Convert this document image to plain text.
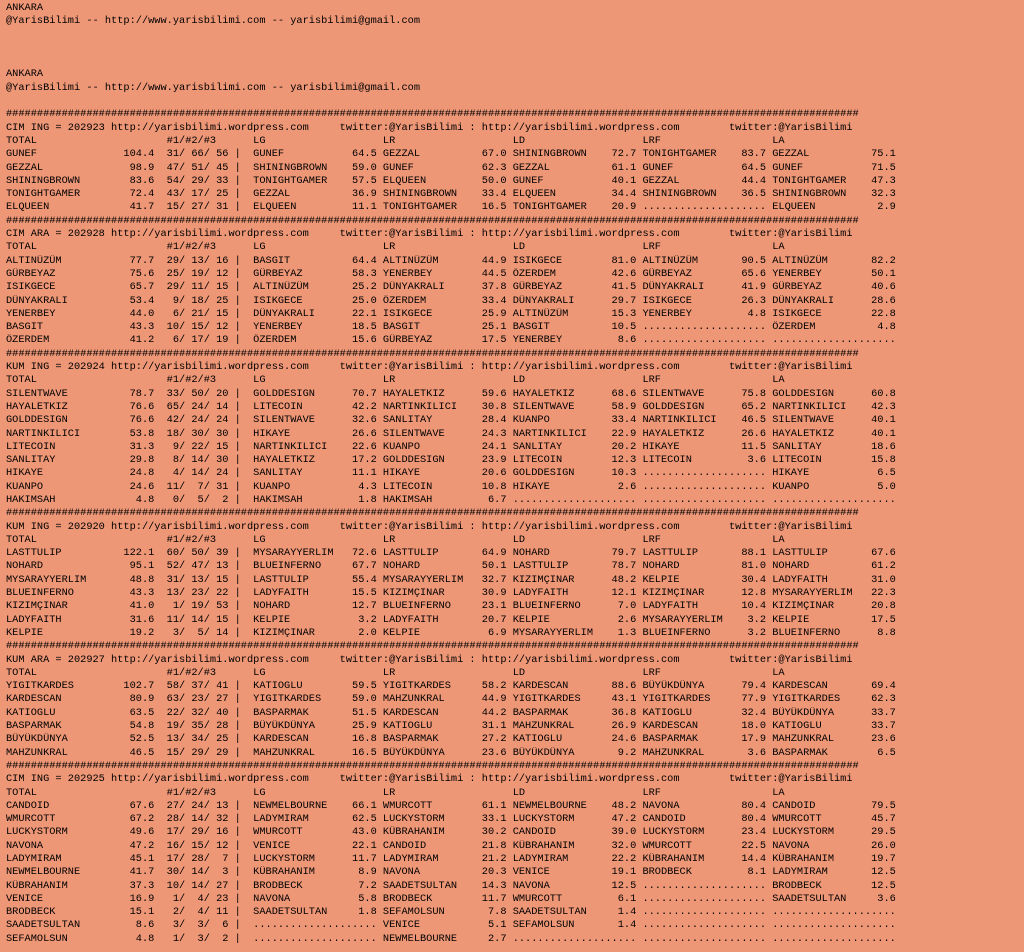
ANKARA
@YarisBilimi -- http://www.yarisbilimi.com -- yarisbilimi@gmail.com
ANKARA
@YarisBilimi -- http://www.yarisbilimi.com -- yarisbilimi@gmail.com
##########################################################################################################################################
CIM ING = 202923 http://yarisbilimi.wordpress.com     twitter:@YarisBilimi : http://yarisbilimi.wordpress.com        twitter:@YarisBilimi
TOTAL                     #1/#2/#3      LG                   LR                   LD                   LRF                  LA
GUNEF              104.4  31/ 66/ 56 |  GUNEF           64.5 GEZZAL          67.0 SHININGBROWN    72.7 TONIGHTGAMER    83.7 GEZZAL          75.1
GEZZAL              98.9  47/ 51/ 45 |  SHININGBROWN    59.0 GUNEF           62.3 GEZZAL          61.1 GUNEF           64.5 GUNEF           71.5
SHININGBROWN        83.6  54/ 29/ 33 |  TONIGHTGAMER    57.5 ELQUEEN         50.0 GUNEF           40.1 GEZZAL          44.4 TONIGHTGAMER    47.3
TONIGHTGAMER        72.4  43/ 17/ 25 |  GEZZAL          36.9 SHININGBROWN    33.4 ELQUEEN         34.4 SHININGBROWN    36.5 SHININGBROWN    32.3
ELQUEEN             41.7  15/ 27/ 31 |  ELQUEEN         11.1 TONIGHTGAMER    16.5 TONIGHTGAMER    20.9 .................... ELQUEEN          2.9
##########################################################################################################################################
CIM ARA = 202928 http://yarisbilimi.wordpress.com     twitter:@YarisBilimi : http://yarisbilimi.wordpress.com        twitter:@YarisBilimi
TOTAL                     #1/#2/#3      LG                   LR                   LD                   LRF                  LA
ALTINÜZÜM           77.7  29/ 13/ 16 |  BASGIT          64.4 ALTINÜZÜM       44.9 ISIKGECE        81.0 ALTINÜZÜM       90.5 ALTINÜZÜM       82.2
GÜRBEYAZ            75.6  25/ 19/ 12 |  GÜRBEYAZ        58.3 YENERBEY        44.5 ÖZERDEM         42.6 GÜRBEYAZ        65.6 YENERBEY        50.1
ISIKGECE            65.7  29/ 11/ 15 |  ALTINÜZÜM       25.2 DÜNYAKRALI      37.8 GÜRBEYAZ        41.5 DÜNYAKRALI      41.9 GÜRBEYAZ        40.6
DÜNYAKRALI          53.4   9/ 18/ 25 |  ISIKGECE        25.0 ÖZERDEM         33.4 DÜNYAKRALI      29.7 ISIKGECE        26.3 DÜNYAKRALI      28.6
YENERBEY            44.0   6/ 21/ 15 |  DÜNYAKRALI      22.1 ISIKGECE        25.9 ALTINÜZÜM       15.3 YENERBEY         4.8 ISIKGECE        22.8
BASGIT              43.3  10/ 15/ 12 |  YENERBEY        18.5 BASGIT          25.1 BASGIT          10.5 .................... ÖZERDEM          4.8
ÖZERDEM             41.2   6/ 17/ 19 |  ÖZERDEM         15.6 GÜRBEYAZ        17.5 YENERBEY         8.6 .................... ....................
##########################################################################################################################################
KUM ING = 202924 http://yarisbilimi.wordpress.com     twitter:@YarisBilimi : http://yarisbilimi.wordpress.com        twitter:@YarisBilimi
TOTAL                     #1/#2/#3      LG                   LR                   LD                   LRF                  LA
SILENTWAVE          78.7  33/ 50/ 20 |  GOLDDESIGN      70.7 HAYALETKIZ      59.6 HAYALETKIZ      68.6 SILENTWAVE      75.8 GOLDDESIGN      60.8
HAYALETKIZ          76.6  65/ 24/ 14 |  LITECOIN        42.2 NARTINKILICI    30.8 SILENTWAVE      58.9 GOLDDESIGN      65.2 NARTINKILICI    42.3
GOLDDESIGN          76.6  42/ 24/ 24 |  SILENTWAVE      32.6 SANLITAY        28.4 KUANPO          33.4 NARTINKILICI    46.5 SILENTWAVE      40.1
NARTINKILICI        53.8  18/ 30/ 30 |  HIKAYE          26.6 SILENTWAVE      24.3 NARTINKILICI    22.9 HAYALETKIZ      26.6 HAYALETKIZ      40.1
LITECOIN            31.3   9/ 22/ 15 |  NARTINKILICI    22.6 KUANPO          24.1 SANLITAY        20.2 HIKAYE          11.5 SANLITAY        18.6
SANLITAY            29.8   8/ 14/ 30 |  HAYALETKIZ      17.2 GOLDDESIGN      23.9 LITECOIN        12.3 LITECOIN         3.6 LITECOIN        15.8
HIKAYE              24.8   4/ 14/ 24 |  SANLITAY        11.1 HIKAYE          20.6 GOLDDESIGN      10.3 .................... HIKAYE           6.5
KUANPO              24.6  11/  7/ 31 |  KUANPO           4.3 LITECOIN        10.8 HIKAYE           2.6 .................... KUANPO           5.0
HAKIMSAH             4.8   0/  5/  2 |  HAKIMSAH         1.8 HAKIMSAH         6.7 .................... .................... ....................
##########################################################################################################################################
KUM ING = 202920 http://yarisbilimi.wordpress.com     twitter:@YarisBilimi : http://yarisbilimi.wordpress.com        twitter:@YarisBilimi
TOTAL                     #1/#2/#3      LG                   LR                   LD                   LRF                  LA
LASTTULIP          122.1  60/ 50/ 39 |  MYSARAYYERLIM   72.6 LASTTULIP       64.9 NOHARD          79.7 LASTTULIP       88.1 LASTTULIP       67.6
NOHARD              95.1  52/ 47/ 13 |  BLUEINFERNO     67.7 NOHARD          50.1 LASTTULIP       78.7 NOHARD          81.0 NOHARD          61.2
MYSARAYYERLIM       48.8  31/ 13/ 15 |  LASTTULIP       55.4 MYSARAYYERLIM   32.7 KIZIMÇINAR      48.2 KELPIE          30.4 LADYFAITH       31.0
BLUEINFERNO         43.3  13/ 23/ 22 |  LADYFAITH       15.5 KIZIMÇINAR      30.9 LADYFAITH       12.1 KIZIMÇINAR      12.8 MYSARAYYERLIM   22.3
KIZIMÇINAR          41.0   1/ 19/ 53 |  NOHARD          12.7 BLUEINFERNO     23.1 BLUEINFERNO      7.0 LADYFAITH       10.4 KIZIMÇINAR      20.8
LADYFAITH           31.6  11/ 14/ 15 |  KELPIE           3.2 LADYFAITH       20.7 KELPIE           2.6 MYSARAYYERLIM    3.2 KELPIE          17.5
KELPIE              19.2   3/  5/ 14 |  KIZIMÇINAR       2.0 KELPIE           6.9 MYSARAYYERLIM    1.3 BLUEINFERNO      3.2 BLUEINFERNO      8.8
##########################################################################################################################################
KUM ARA = 202927 http://yarisbilimi.wordpress.com     twitter:@YarisBilimi : http://yarisbilimi.wordpress.com        twitter:@YarisBilimi
TOTAL                     #1/#2/#3      LG                   LR                   LD                   LRF                  LA
YIGITKARDES        102.7  58/ 37/ 41 |  KATIOGLU        59.5 YIGITKARDES     58.2 KARDESCAN       88.6 BÜYÜKDÜNYA      79.4 KARDESCAN       69.4
KARDESCAN           80.9  63/ 23/ 27 |  YIGITKARDES     59.0 MAHZUNKRAL      44.9 YIGITKARDES     43.1 YIGITKARDES     77.9 YIGITKARDES     62.3
KATIOGLU            63.5  22/ 32/ 40 |  BASPARMAK       51.5 KARDESCAN       44.2 BASPARMAK       36.8 KATIOGLU        32.4 BÜYÜKDÜNYA      33.7
BASPARMAK           54.8  19/ 35/ 28 |  BÜYÜKDÜNYA      25.9 KATIOGLU        31.1 MAHZUNKRAL      26.9 KARDESCAN       18.0 KATIOGLU        33.7
BÜYÜKDÜNYA          52.5  13/ 34/ 25 |  KARDESCAN       16.8 BASPARMAK       27.2 KATIOGLU        24.6 BASPARMAK       17.9 MAHZUNKRAL      23.6
MAHZUNKRAL          46.5  15/ 29/ 29 |  MAHZUNKRAL      16.5 BÜYÜKDÜNYA      23.6 BÜYÜKDÜNYA       9.2 MAHZUNKRAL       3.6 BASPARMAK        6.5
##########################################################################################################################################
CIM ING = 202925 http://yarisbilimi.wordpress.com     twitter:@YarisBilimi : http://yarisbilimi.wordpress.com        twitter:@YarisBilimi
TOTAL                     #1/#2/#3      LG                   LR                   LD                   LRF                  LA
CANDOID             67.6  27/ 24/ 13 |  NEWMELBOURNE    66.1 WMURCOTT        61.1 NEWMELBOURNE    48.2 NAVONA          80.4 CANDOID         79.5
WMURCOTT            67.2  28/ 14/ 32 |  LADYMIRAM       62.5 LUCKYSTORM      33.1 LUCKYSTORM      47.2 CANDOID         80.4 WMURCOTT        45.7
LUCKYSTORM          49.6  17/ 29/ 16 |  WMURCOTT        43.0 KÜBRAHANIM      30.2 CANDOID         39.0 LUCKYSTORM      23.4 LUCKYSTORM      29.5
NAVONA              47.2  16/ 15/ 12 |  VENICE          22.1 CANDOID         21.8 KÜBRAHANIM      32.0 WMURCOTT        22.5 NAVONA          26.0
LADYMIRAM           45.1  17/ 28/  7 |  LUCKYSTORM      11.7 LADYMIRAM       21.2 LADYMIRAM       22.2 KÜBRAHANIM      14.4 KÜBRAHANIM      19.7
NEWMELBOURNE        41.7  30/ 14/  3 |  KÜBRAHANIM       8.9 NAVONA          20.3 VENICE          19.1 BRODBECK         8.1 LADYMIRAM       12.5
KÜBRAHANIM          37.3  10/ 14/ 27 |  BRODBECK         7.2 SAADETSULTAN    14.3 NAVONA          12.5 .................... BRODBECK        12.5
VENICE              16.9   1/  4/ 23 |  NAVONA           5.8 BRODBECK        11.7 WMURCOTT         6.1 .................... SAADETSULTAN     3.6
BRODBECK            15.1   2/  4/ 11 |  SAADETSULTAN     1.8 SEFAMOLSUN       7.8 SAADETSULTAN     1.4 .................... ....................
SAADETSULTAN         8.6   3/  3/  6 |  .................... VENICE           5.1 SEFAMOLSUN       1.4 .................... ....................
SEFAMOLSUN           4.8   1/  3/  2 |  .................... NEWMELBOURNE     2.7 .................... .................... ....................
